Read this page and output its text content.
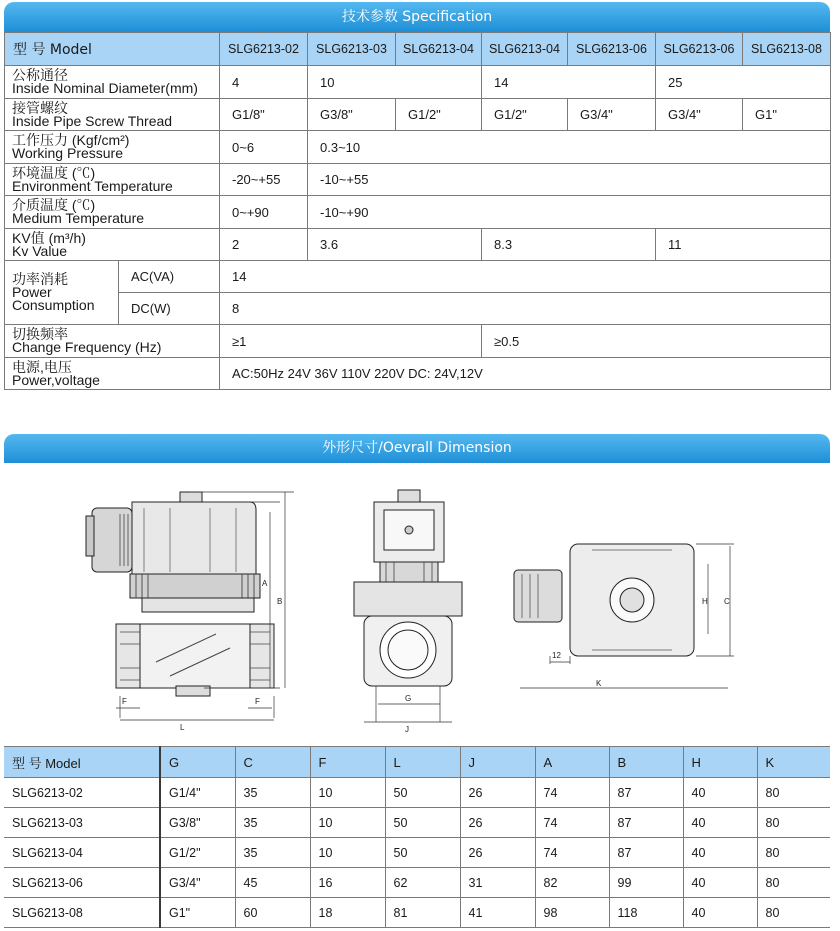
技术参数 Specification
型 号 Model		SLG6213-02	SLG6213-03	SLG6213-04	SLG6213-04	SLG6213-06	SLG6213-06	SLG6213-08

公称通径
Inside Nominal Diameter(mm)		4	10		14		25	

接管螺纹
Inside Pipe Screw Thread		G1/8"	G3/8"	G1/2"	G1/2"	G3/4"	G3/4"	G1"

工作压力 (Kgf/cm²)
Working Pressure		0~6	0.3~10					

环境温度 (℃)
Environment Temperature		-20~+55	-10~+55					

介质温度 (℃)
Medium Temperature		0~+90	-10~+90					

KV值 (m³/h)
Kv Value		2	3.6		8.3		11	

功率消耗
Power
Consumption	AC(VA)	14						
	DC(W)	8						

切换频率
Change Frequency (Hz)		≥1			≥0.5			

电源,电压
Power,voltage		AC:50Hz 24V 36V 110V 220V DC: 24V,12V						
外形尺寸/Oevrall Dimension
A
B
F	F
L
G
J
H C
12
K
型 号 Model	G	C	F	L	J	A	B	H	K
SLG6213-02	G1/4"	35	10	50	26	74	87	40	80
SLG6213-03	G3/8"	35	10	50	26	74	87	40	80
SLG6213-04	G1/2"	35	10	50	26	74	87	40	80
SLG6213-06	G3/4"	45	16	62	31	82	99	40	80
SLG6213-08	G1"	60	18	81	41	98	118	40	80
